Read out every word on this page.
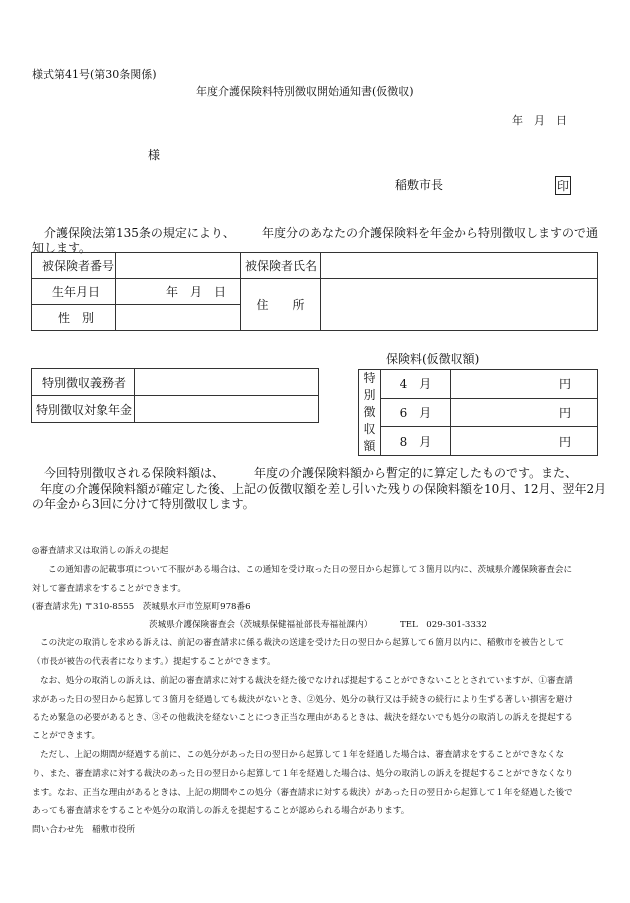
様式第41号(第30条関係)
年度介護保険料特別徴収開始通知書(仮徴収)
年　月　日
様
稲敷市長	印
介護保険法第135条の規定により、 年度分のあなたの介護保険料を年金から特別徴収しますので通
知します。
被保険者番号		被保険者氏名	
生年月日	年　月　日	住　　所	
性　別			
保険料(仮徴収額)
特別徴収義務者	
特別徴収対象年金	
特
別
徴
収
額	4　月	円
	6　月	円
	8　月	円
今回特別徴収される保険料額は、 年度の介護保険料額から暫定的に算定したものです。また、
年度の介護保険料額が確定した後、上記の仮徴収額を差し引いた残りの保険料額を10月、12月、翌年2月
の年金から3回に分けて特別徴収します。
◎審査請求又は取消しの訴えの提起
この通知書の記載事項について不服がある場合は、この通知を受け取った日の翌日から起算して３箇月以内に、茨城県介護保険審査会に
対して審査請求をすることができます。
(審査請求先) 〒310-8555　茨城県水戸市笠原町978番6
茨城県介護保険審査会（茨城県保健福祉部長寿福祉課内）	TEL　029-301-3332
この決定の取消しを求める訴えは、前記の審査請求に係る裁決の送達を受けた日の翌日から起算して６箇月以内に、稲敷市を被告として
（市長が被告の代表者になります。）提起することができます。
なお、処分の取消しの訴えは、前記の審査請求に対する裁決を経た後でなければ提起することができないこととされていますが、①審査請
求があった日の翌日から起算して３箇月を経過しても裁決がないとき、②処分、処分の執行又は手続きの続行により生ずる著しい損害を避け
るため緊急の必要があるとき、③その他裁決を経ないことにつき正当な理由があるときは、裁決を経ないでも処分の取消しの訴えを提起する
ことができます。
ただし、上記の期間が経過する前に、この処分があった日の翌日から起算して１年を経過した場合は、審査請求をすることができなくな
り、また、審査請求に対する裁決のあった日の翌日から起算して１年を経過した場合は、処分の取消しの訴えを提起することができなくなり
ます。なお、正当な理由があるときは、上記の期間やこの処分（審査請求に対する裁決）があった日の翌日から起算して１年を経過した後で
あっても審査請求をすることや処分の取消しの訴えを提起することが認められる場合があります。
問い合わせ先　稲敷市役所
